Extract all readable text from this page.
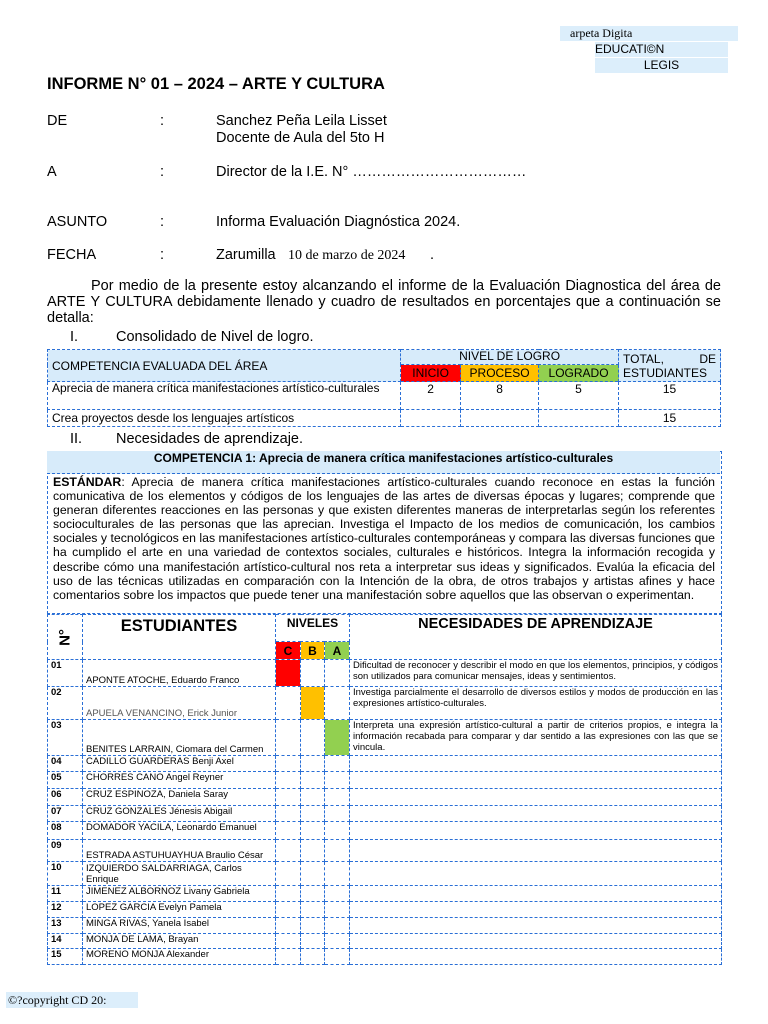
arpeta Digita
EDUCATI©N
LEGIS
INFORME N° 01 – 2024 – ARTE Y CULTURA
DE	:	Sanchez Peña Leila Lisset
Docente de Aula del 5to H
A	:	Director de la I.E. N° ………………………………
ASUNTO	:	Informa Evaluación Diagnóstica 2024.
FECHA	:	Zarumilla 10 de marzo de 2024 .
Por medio de la presente estoy alcanzando el informe de la Evaluación Diagnostica del área de ARTE Y CULTURA debidamente llenado y cuadro de resultados en porcentajes que a continuación se detalla:
I.	Consolidado de Nivel de logro.
COMPETENCIA EVALUADA DEL ÁREA	NIVEL DE LOGRO			TOTAL, DE ESTUDIANTES
	INICIO	PROCESO	LOGRADO	
Aprecia de manera crítica manifestaciones artístico-culturales	2	8	5	15
Crea proyectos desde los lenguajes artísticos				15
II. Necesidades de aprendizaje.
COMPETENCIA 1: Aprecia de manera crítica manifestaciones artístico-culturales
ESTÁNDAR: Aprecia de manera crítica manifestaciones artístico-culturales cuando reconoce en estas la función comunicativa de los elementos y códigos de los lenguajes de las artes de diversas épocas y lugares; comprende que generan diferentes reacciones en las personas y que existen diferentes maneras de interpretarlas según los referentes socioculturales de las personas que las aprecian. Investiga el Impacto de los medios de comunicación, los cambios sociales y tecnológicos en las manifestaciones artístico-culturales contemporáneas y compara las diversas funciones que ha cumplido el arte en una variedad de contextos sociales, culturales e históricos. Integra la información recogida y describe cómo una manifestación artístico-cultural nos reta a interpretar sus ideas y significados. Evalúa la eficacia del uso de las técnicas utilizadas en comparación con la Intención de la obra, de otros trabajos y artistas afines y hace comentarios sobre los impactos que puede tener una manifestación sobre aquellos que las observan o experimentan.
N°	ESTUDIANTES	NIVELES			NECESIDADES DE APRENDIZAJE
		C	B	A	
01	APONTE ATOCHE, Eduardo Franco				Dificultad de reconocer y describir el modo en que los elementos, principios, y códigos son utilizados para comunicar mensajes, ideas y sentimientos.
02	APUELA VENANCINO, Erick Junior				Investiga parcialmente el desarrollo de diversos estilos y modos de producción en las expresiones artístico-culturales.
03	BENITES LARRAIN, Ciomara del Carmen				Interpreta una expresión artístico-cultural a partir de criterios propios, e integra la información recabada para comparar y dar sentido a las expresiones con las que se vincula.
04	CADILLO GUARDERAS Benji Axel				
05	CHORRES CANO Angel Reyner				
06	CRUZ ESPINOZA, Daniela Saray				
07	CRUZ GONZALES Jénesis Abigail				
08	DOMADOR YACILA, Leonardo Emanuel				
09	ESTRADA ASTUHUAYHUA Braulio César				
10	IZQUIERDO SALDARRIAGA, Carlos Enrique				
11	JIMENEZ ALBORNOZ Livany Gabriela				
12	LOPEZ GARCIA Evelyn Pamela				
13	MINGA RIVAS, Yanela Isabel				
14	MONJA DE LAMA, Brayan				
15	MORENO MONJA Alexander				
©?copyright CD 20:
